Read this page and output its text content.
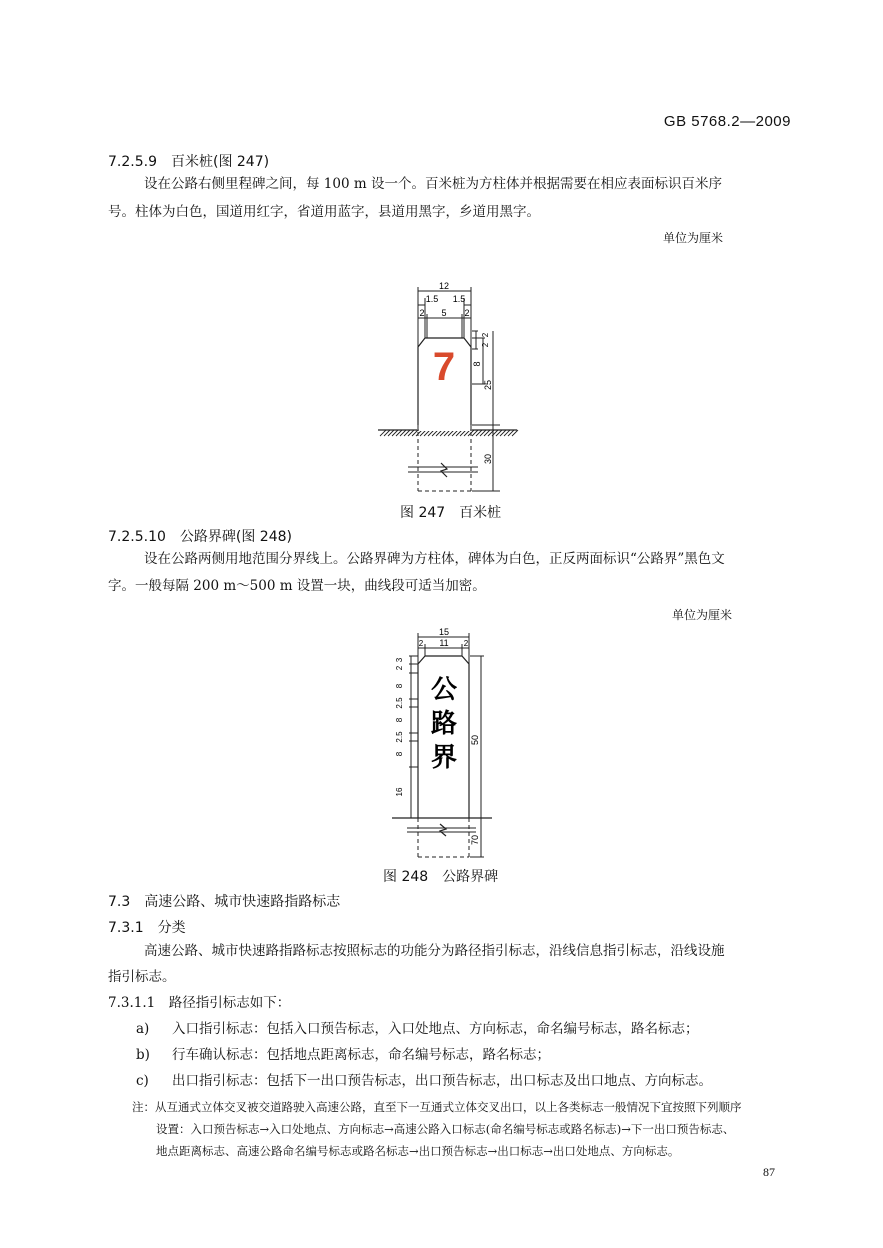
GB 5768.2—2009
7.2.5.9　百米桩(图 247)
设在公路右侧里程碑之间，每 100 m 设一个。百米桩为方柱体并根据需要在相应表面标识百米序
号。柱体为白色，国道用红字，省道用蓝字，县道用黑字，乡道用黑字。
单位为厘米
12
1.5 1.5
2 5 2
2
2
8
25
30
7
图 247　百米桩
7.2.5.10　公路界碑(图 248)
设在公路两侧用地范围分界线上。公路界碑为方柱体，碑体为白色，正反两面标识“公路界”黑色文
字。一般每隔 200 m～500 m 设置一块，曲线段可适当加密。
单位为厘米
15
2 11 2
3
2
8
2.5
8
2.5
8
16
50
70
公
路
界
图 248　公路界碑
7.3　高速公路、城市快速路指路标志
7.3.1　分类
高速公路、城市快速路指路标志按照标志的功能分为路径指引标志，沿线信息指引标志，沿线设施
指引标志。
7.3.1.1　路径指引标志如下：
a) 入口指引标志：包括入口预告标志，入口处地点、方向标志，命名编号标志，路名标志；
b) 行车确认标志：包括地点距离标志，命名编号标志，路名标志；
c) 出口指引标志：包括下一出口预告标志，出口预告标志，出口标志及出口地点、方向标志。
注：从互通式立体交叉被交道路驶入高速公路，直至下一互通式立体交叉出口，以上各类标志一般情况下宜按照下列顺序
设置：入口预告标志→入口处地点、方向标志→高速公路入口标志(命名编号标志或路名标志)→下一出口预告标志、
地点距离标志、高速公路命名编号标志或路名标志→出口预告标志→出口标志→出口处地点、方向标志。
87
